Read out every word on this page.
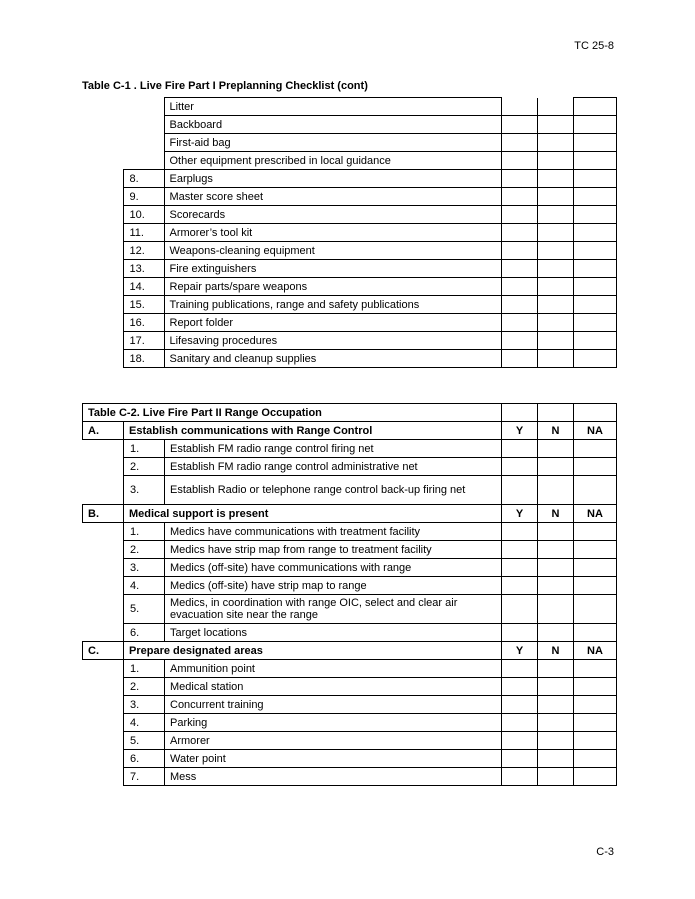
TC 25-8
Table C-1 . Live Fire Part I Preplanning Checklist (cont)
		Litter			
		Backboard			
		First-aid bag			
		Other equipment prescribed in local guidance			
	8.	Earplugs			
	9.	Master score sheet			
	10.	Scorecards			
	11.	Armorer’s tool kit			
	12.	Weapons-cleaning equipment			
	13.	Fire extinguishers			
	14.	Repair parts/spare weapons			
	15.	Training publications, range and safety publications			
	16.	Report folder			
	17.	Lifesaving procedures			
	18.	Sanitary and cleanup supplies			
Table C-2. Live Fire Part II Range Occupation					
A.	Establish communications with Range Control		Y	N	NA
	1.	Establish FM radio range control firing net			
	2.	Establish FM radio range control administrative net			
	3.	Establish Radio or telephone range control back-up firing net			
B.	Medical support is present		Y	N	NA
	1.	Medics have communications with treatment facility			
	2.	Medics have strip map from range to treatment facility			
	3.	Medics (off-site) have communications with range			
	4.	Medics (off-site) have strip map to range			
	5.	Medics, in coordination with range OIC, select and clear air evacuation site near the range			
	6.	Target locations			
C.	Prepare designated areas		Y	N	NA
	1.	Ammunition point			
	2.	Medical station			
	3.	Concurrent training			
	4.	Parking			
	5.	Armorer			
	6.	Water point			
	7.	Mess			
C-3
